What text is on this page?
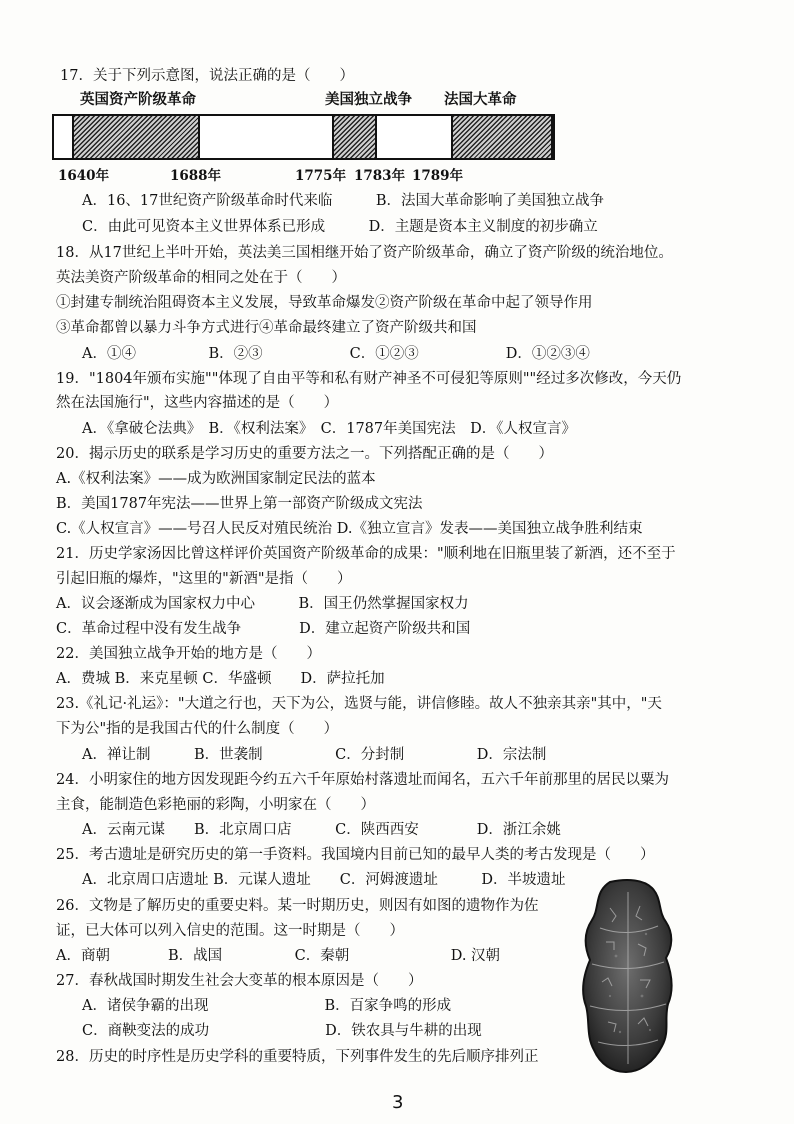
17．关于下列示意图，说法正确的是（　　）
英国资产阶级革命	美国独立战争 法国大革命
1640年	1688年	1775年 1783年 1789年
A．16、17世纪资产阶级革命时代来临　　　B．法国大革命影响了美国独立战争
C．由此可见资本主义世界体系已形成　　　D．主题是资本主义制度的初步确立
18．从17世纪上半叶开始，英法美三国相继开始了资产阶级革命，确立了资产阶级的统治地位。
英法美资产阶级革命的相同之处在于（　　）
①封建专制统治阻碍资本主义发展，导致革命爆发②资产阶级在革命中起了领导作用
③革命都曾以暴力斗争方式进行④革命最终建立了资产阶级共和国
A．①④　　　　　B．②③　　　　　　C．①②③　　　　　　D．①②③④
19．"1804年颁布实施""体现了自由平等和私有财产神圣不可侵犯等原则""经过多次修改，今天仍
然在法国施行"，这些内容描述的是（　　）
A．《拿破仑法典》　B．《权利法案》　C．1787年美国宪法　D．《人权宣言》
20．揭示历史的联系是学习历史的重要方法之一。下列搭配正确的是（　　）
A.《权利法案》——成为欧洲国家制定民法的蓝本
B．美国1787年宪法——世界上第一部资产阶级成文宪法
C.《人权宣言》——号召人民反对殖民统治 D.《独立宣言》发表——美国独立战争胜利结束
21．历史学家汤因比曾这样评价英国资产阶级革命的成果："顺利地在旧瓶里装了新酒，还不至于
引起旧瓶的爆炸，"这里的"新酒"是指（　　）
A．议会逐渐成为国家权力中心　　　B．国王仍然掌握国家权力
C．革命过程中没有发生战争　　　　D．建立起资产阶级共和国
22．美国独立战争开始的地方是（　　）
A．费城 B．来克星顿 C．华盛顿　　D．萨拉托加
23.《礼记·礼运》："大道之行也，天下为公，选贤与能，讲信修睦。故人不独亲其亲"其中，"天
下为公"指的是我国古代的什么制度（　　）
A．禅让制　　　B．世袭制　　　　　C．分封制　　　　　D．宗法制
24．小明家住的地方因发现距今约五六千年原始村落遗址而闻名，五六千年前那里的居民以粟为
主食，能制造色彩艳丽的彩陶，小明家在（　　）
A．云南元谋　　B．北京周口店　　　C．陕西西安　　　　D．浙江余姚
25．考古遗址是研究历史的第一手资料。我国境内目前已知的最早人类的考古发现是（　　）
A．北京周口店遗址 B．元谋人遗址　　C．河姆渡遗址　　　D．半坡遗址
26．文物是了解历史的重要史料。某一时期历史，则因有如图的遗物作为佐
证，已大体可以列入信史的范围。这一时期是（　　）
A．商朝　　　　B．战国　　　　　C．秦朝　　　　　　　D. 汉朝
27．春秋战国时期发生社会大变革的根本原因是（　　）
A．诸侯争霸的出现　　　　　　　　B．百家争鸣的形成
C．商鞅变法的成功　　　　　　　　D．铁农具与牛耕的出现
28．历史的时序性是历史学科的重要特质，下列事件发生的先后顺序排列正
3
